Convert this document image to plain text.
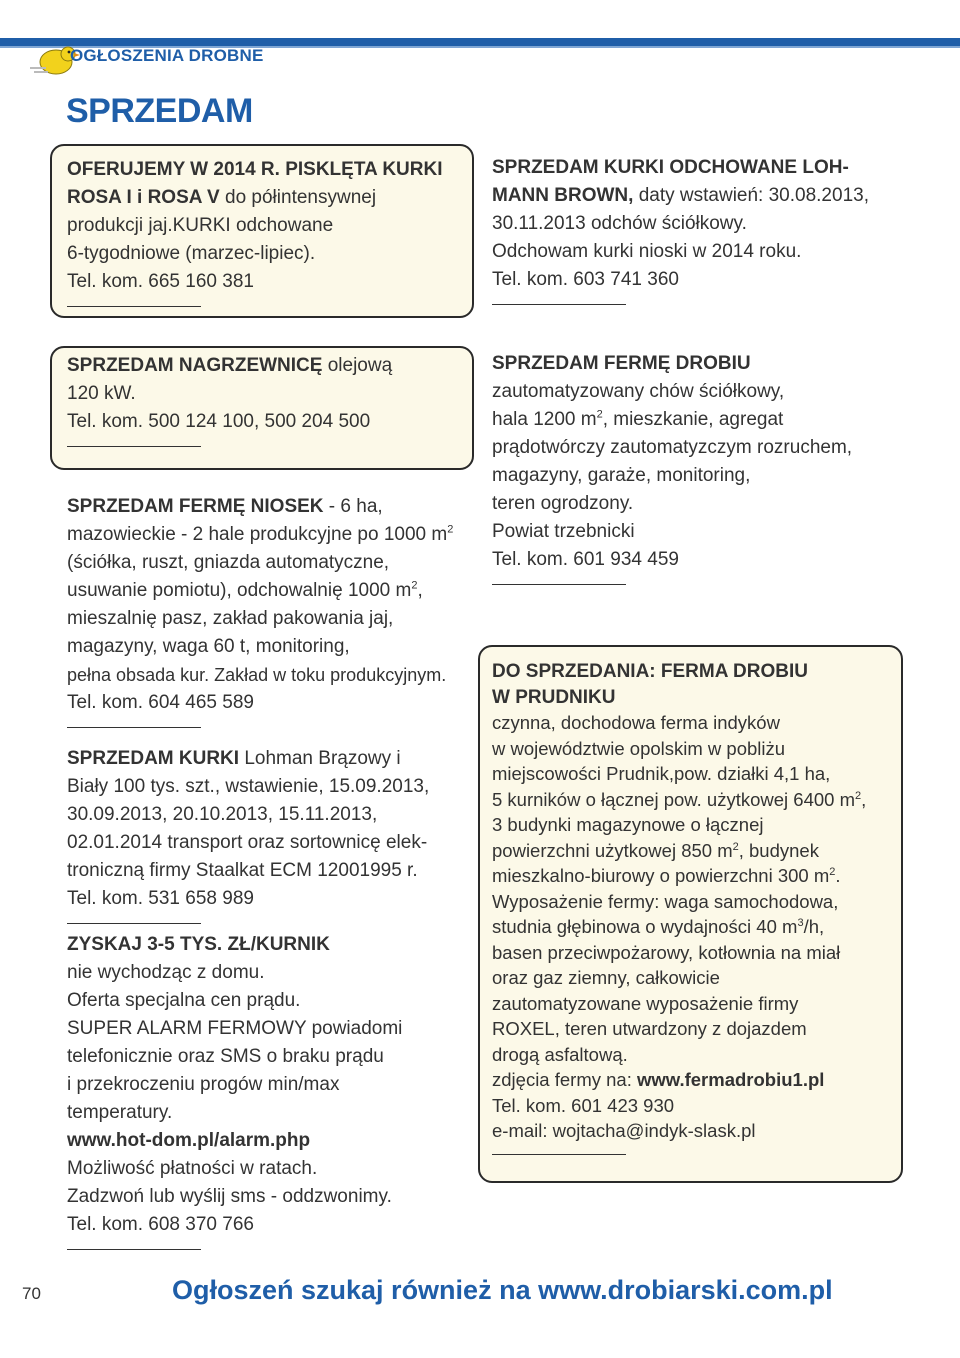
OGŁOSZENIA DROBNE
SPRZEDAM
OFERUJEMY W 2014 R. PISKLĘTA KURKI
ROSA I i ROSA V do półintensywnej
produkcji jaj.KURKI odchowane
6-tygodniowe (marzec-lipiec).
Tel. kom. 665 160 381
SPRZEDAM KURKI ODCHOWANE LOH-
MANN BROWN, daty wstawień: 30.08.2013,
30.11.2013 odchów ściółkowy.
Odchowam kurki nioski w 2014 roku.
Tel. kom. 603 741 360
SPRZEDAM NAGRZEWNICĘ olejową
120 kW.
Tel. kom. 500 124 100, 500 204 500
SPRZEDAM FERMĘ DROBIU
zautomatyzowany chów ściółkowy,
hala 1200 $m^2$, mieszkanie, agregat
prądotwórczy zautomatyzczym rozruchem,
magazyny, garaże, monitoring,
teren ogrodzony.
Powiat trzebnicki
Tel. kom. 601 934 459
SPRZEDAM FERMĘ NIOSEK - 6 ha,
mazowieckie - 2 hale produkcyjne po 1000 $m^2$
(ściółka, ruszt, gniazda automatyczne,
usuwanie pomiotu), odchowalnię 1000 $m^2$,
mieszalnię pasz, zakład pakowania jaj,
magazyny, waga 60 t, monitoring,
pełna obsada kur. Zakład w toku produkcyjnym.
Tel. kom. 604 465 589
SPRZEDAM KURKI Lohman Brązowy i
Biały 100 tys. szt., wstawienie, 15.09.2013,
30.09.2013, 20.10.2013, 15.11.2013,
02.01.2014 transport oraz sortownicę elek-
troniczną firmy Staalkat ECM 12001995 r.
Tel. kom. 531 658 989
ZYSKAJ 3-5 TYS. ZŁ/KURNIK
nie wychodząc z domu.
Oferta specjalna cen prądu.
SUPER ALARM FERMOWY powiadomi
telefonicznie oraz SMS o braku prądu
i przekroczeniu progów min/max
temperatury.
www.hot-dom.pl/alarm.php
Możliwość płatności w ratach.
Zadzwoń lub wyślij sms - oddzwonimy.
Tel. kom. 608 370 766
DO SPRZEDANIA: FERMA DROBIU
W PRUDNIKU
czynna, dochodowa ferma indyków
w województwie opolskim w pobliżu
miejscowości Prudnik,pow. działki 4,1 ha,
5 kurników o łącznej pow. użytkowej 6400 $m^2$,
3 budynki magazynowe o łącznej
powierzchni użytkowej 850 $m^2$, budynek
mieszkalno-biurowy o powierzchni 300 $m^2$.
Wyposażenie fermy: waga samochodowa,
studnia głębinowa o wydajności 40 $m^3/h$,
basen przeciwpożarowy, kotłownia na miał
oraz gaz ziemny, całkowicie
zautomatyzowane wyposażenie firmy
ROXEL, teren utwardzony z dojazdem
drogą asfaltową.
zdjęcia fermy na: www.fermadrobiu1.pl
Tel. kom. 601 423 930
e-mail: wojtacha@indyk-slask.pl
70	Ogłoszeń szukaj również na www.drobiarski.com.pl
